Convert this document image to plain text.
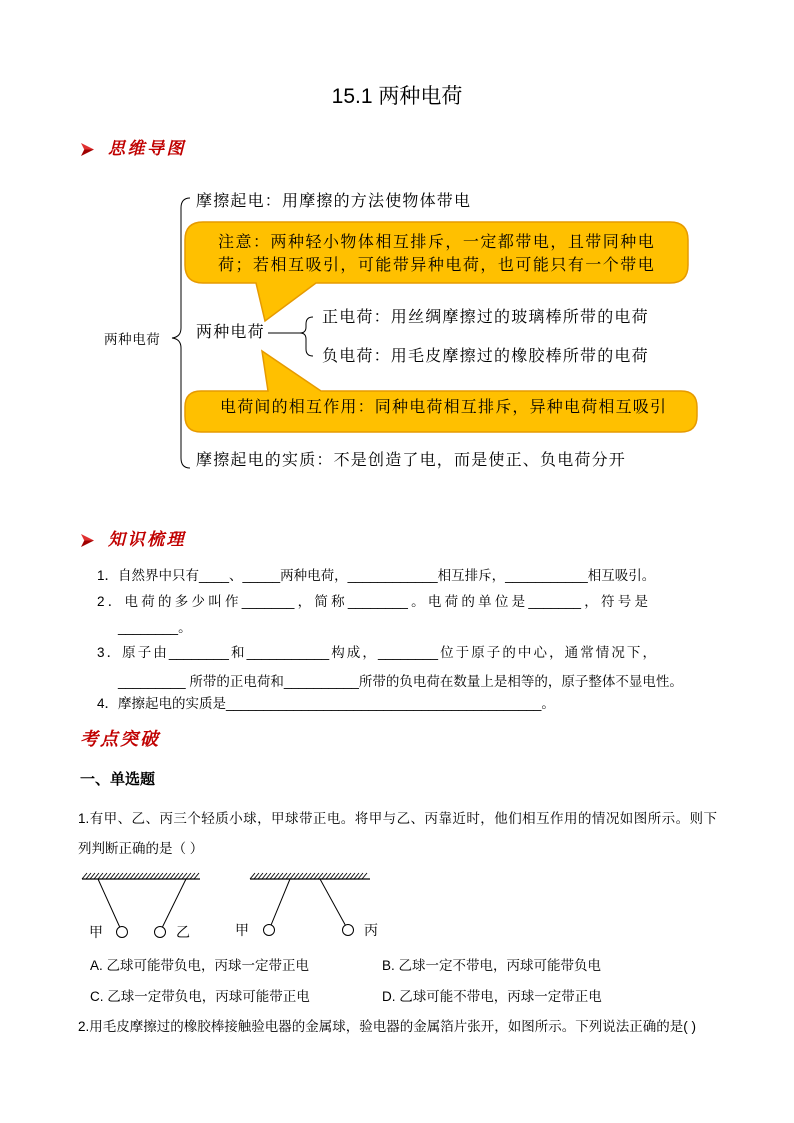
15.1 两种电荷
思维导图
两种电荷
摩擦起电：用摩擦的方法使物体带电
注意：两种轻小物体相互排斥，一定都带电，且带同种电
荷；若相互吸引，可能带异种电荷，也可能只有一个带电
两种电荷
正电荷：用丝绸摩擦过的玻璃棒所带的电荷
负电荷：用毛皮摩擦过的橡胶棒所带的电荷
电荷间的相互作用：同种电荷相互排斥，异种电荷相互吸引
摩擦起电的实质：不是创造了电，而是使正、负电荷分开
知识梳理
1．自然界中只有____、_____两种电荷，____________相互排斥，___________相互吸引。
2．电荷的多少叫作_______，简称________。电荷的单位是_______，符号是
________。
3．原子由________和___________构成，________位于原子的中心，通常情况下，
_________ 所带的正电荷和__________所带的负电荷在数量上是相等的，原子整体不显电性。
4．摩擦起电的实质是__________________________________________。
考点突破
一、单选题
1.有甲、乙、丙三个轻质小球，甲球带正电。将甲与乙、丙靠近时，他们相互作用的情况如图所示。则下
列判断正确的是（ ）
甲	乙	甲	丙
A. 乙球可能带负电，丙球一定带正电	B. 乙球一定不带电，丙球可能带负电
C. 乙球一定带负电，丙球可能带正电	D. 乙球可能不带电，丙球一定带正电
2.用毛皮摩擦过的橡胶棒接触验电器的金属球，验电器的金属箔片张开，如图所示。下列说法正确的是( )
